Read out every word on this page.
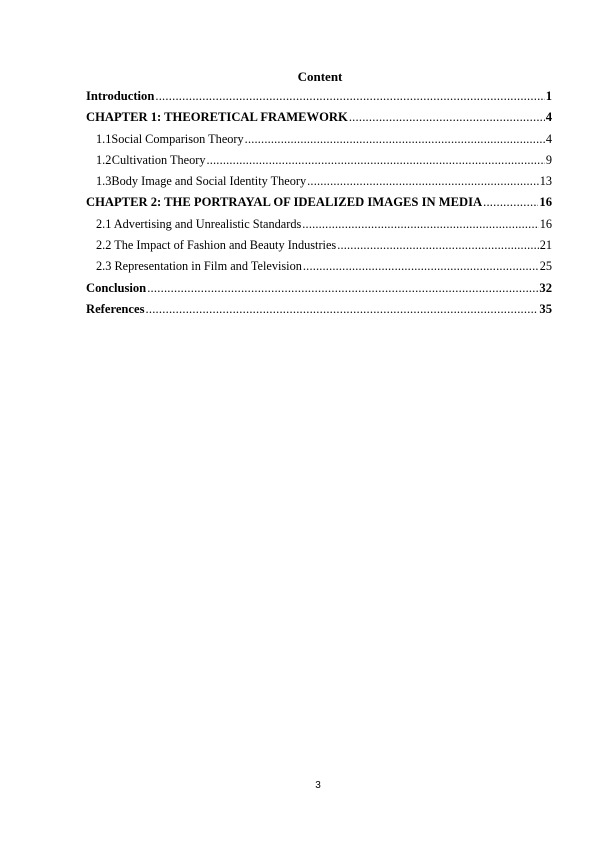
Content
Introduction .....	1
CHAPTER 1: THEORETICAL FRAMEWORK .....	4
1.1 Social Comparison Theory .....	4
1.2 Cultivation Theory .....	9
1.3 Body Image and Social Identity Theory .....	13
CHAPTER 2: THE PORTRAYAL OF IDEALIZED IMAGES IN MEDIA .....	16
2.1 Advertising and Unrealistic Standards .....	16
2.2 The Impact of Fashion and Beauty Industries .....	21
2.3 Representation in Film and Television .....	25
Conclusion .....	32
References .....	35
3
